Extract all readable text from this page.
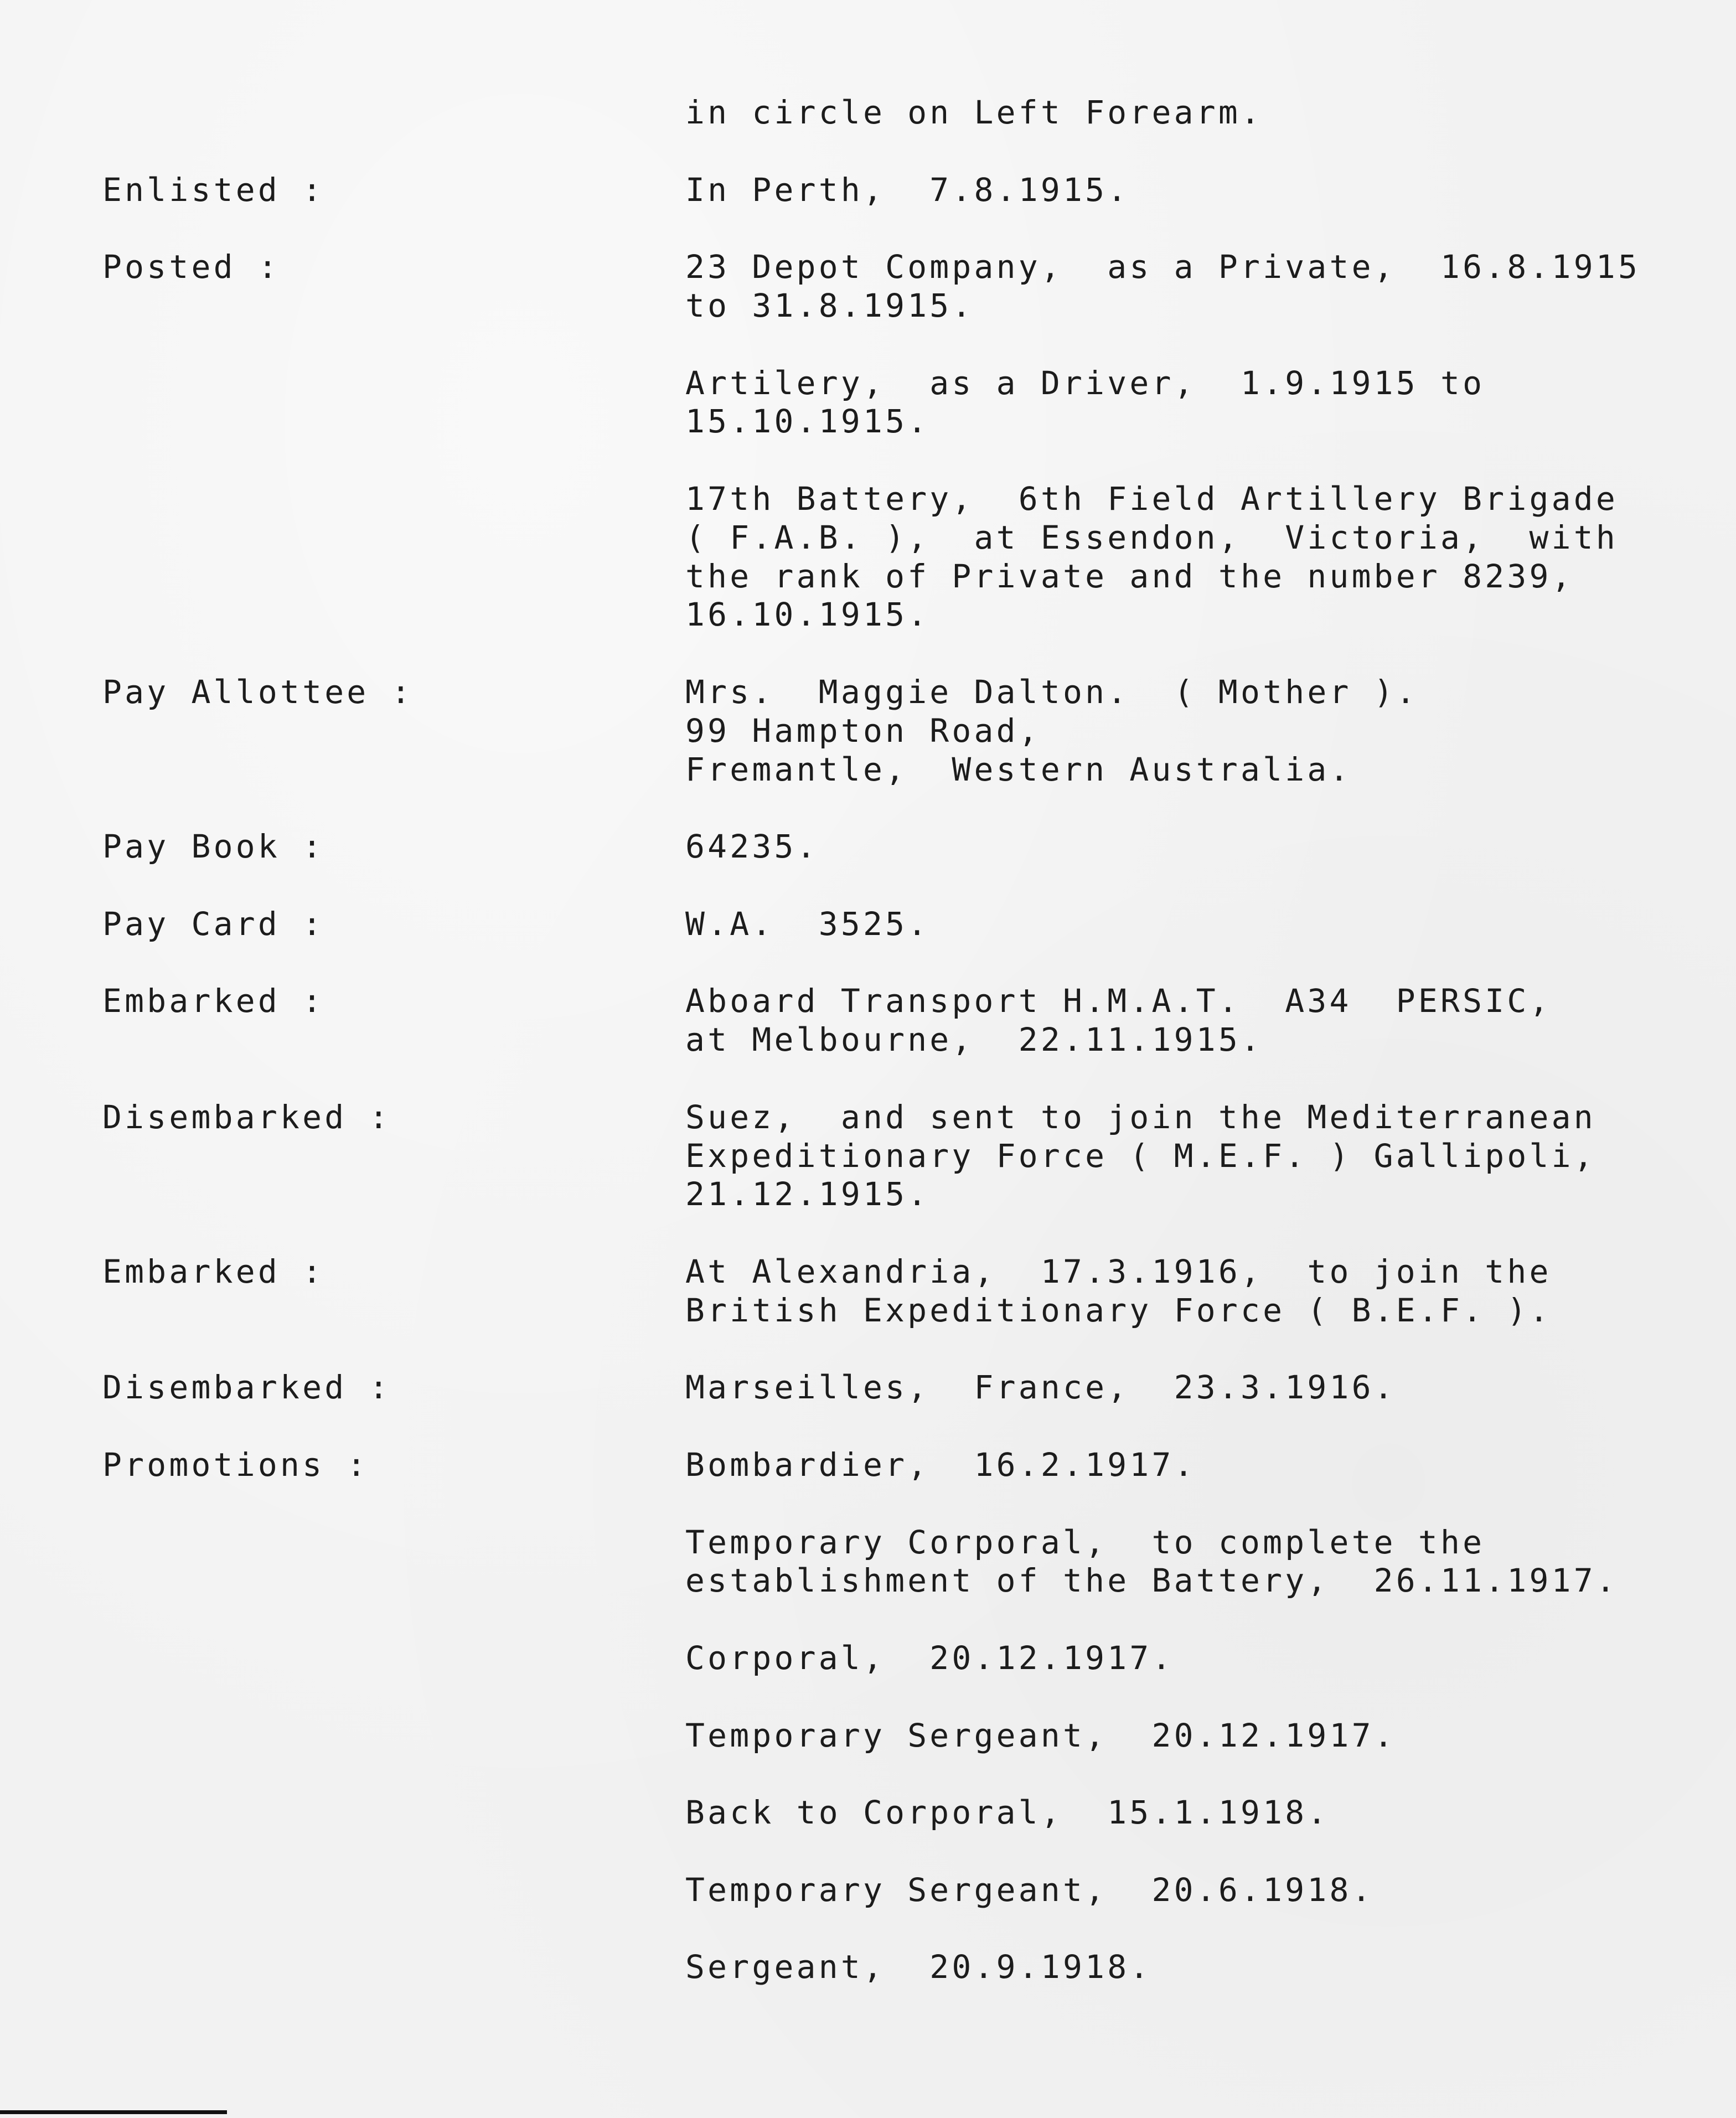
in circle on Left Forearm.
Enlisted :	In Perth,  7.8.1915.
Posted :	23 Depot Company,  as a Private,  16.8.1915
to 31.8.1915.
Artilery,  as a Driver,  1.9.1915 to
15.10.1915.
17th Battery,  6th Field Artillery Brigade
( F.A.B. ),  at Essendon,  Victoria,  with
the rank of Private and the number 8239,
16.10.1915.
Pay Allottee :	Mrs.  Maggie Dalton.  ( Mother ).
99 Hampton Road,
Fremantle,  Western Australia.
Pay Book :	64235.
Pay Card :	W.A.  3525.
Embarked :	Aboard Transport H.M.A.T.  A34  PERSIC,
at Melbourne,  22.11.1915.
Disembarked :	Suez,  and sent to join the Mediterranean
Expeditionary Force ( M.E.F. ) Gallipoli,
21.12.1915.
Embarked :	At Alexandria,  17.3.1916,  to join the
British Expeditionary Force ( B.E.F. ).
Disembarked :	Marseilles,  France,  23.3.1916.
Promotions :	Bombardier,  16.2.1917.
Temporary Corporal,  to complete the
establishment of the Battery,  26.11.1917.
Corporal,  20.12.1917.
Temporary Sergeant,  20.12.1917.
Back to Corporal,  15.1.1918.
Temporary Sergeant,  20.6.1918.
Sergeant,  20.9.1918.
